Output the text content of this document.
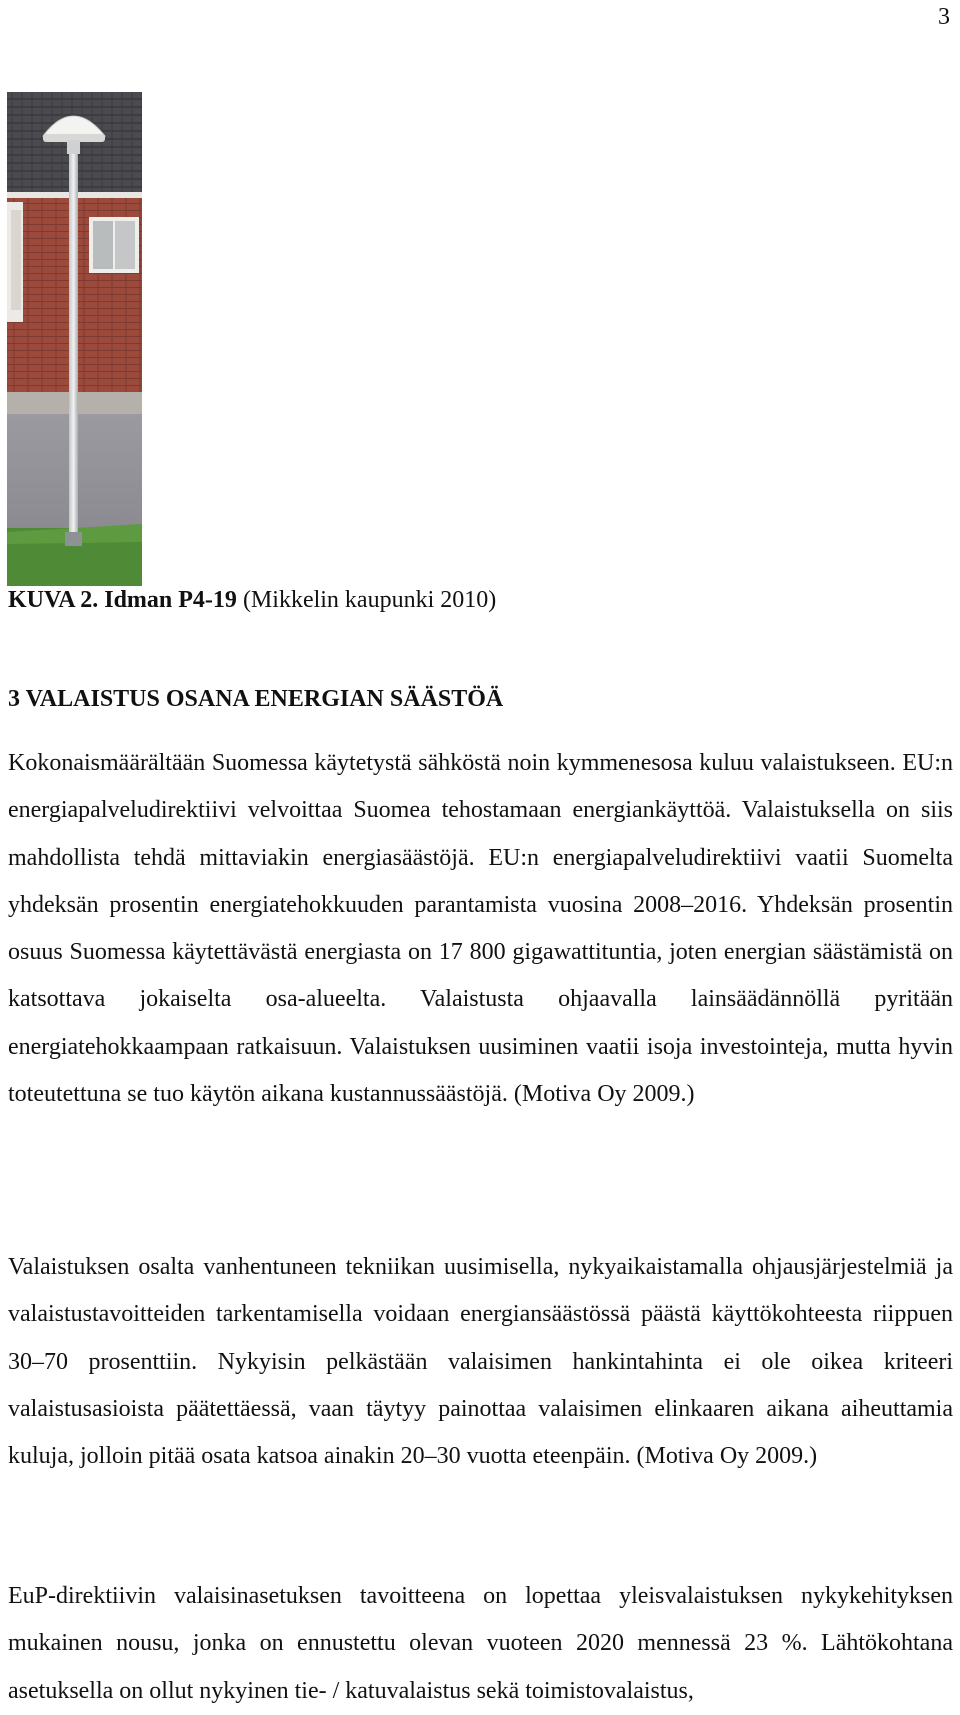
3
KUVA 2. Idman P4-19 (Mikkelin kaupunki 2010)
3 VALAISTUS OSANA ENERGIAN SÄÄSTÖÄ

Kokonaismäärältään Suomessa käytetystä sähköstä noin kymmenesosa kuluu valaistukseen. EU:n energiapalveludirektiivi velvoittaa Suomea tehostamaan energiankäyttöä. Valaistuksella on siis mahdollista tehdä mittaviakin energiasäästöjä. EU:n energiapalveludirektiivi vaatii Suomelta yhdeksän prosentin energiatehokkuuden parantamista vuosina 2008–2016. Yhdeksän prosentin osuus Suomessa käytettävästä energiasta on 17 800 gigawattituntia, joten energian säästämistä on katsottava jokaiselta osa-alueelta. Valaistusta ohjaavalla lainsäädännöllä pyritään energiatehokkaampaan ratkaisuun. Valaistuksen uusiminen vaatii isoja investointeja, mutta hyvin toteutettuna se tuo käytön aikana kustannussäästöjä. (Motiva Oy 2009.)

Valaistuksen osalta vanhentuneen tekniikan uusimisella, nykyaikaistamalla ohjausjärjestelmiä ja valaistustavoitteiden tarkentamisella voidaan energiansäästössä päästä käyttökohteesta riippuen 30–70 prosenttiin. Nykyisin pelkästään valaisimen hankintahinta ei ole oikea kriteeri valaistusasioista päätettäessä, vaan täytyy painottaa valaisimen elinkaaren aikana aiheuttamia kuluja, jolloin pitää osata katsoa ainakin 20–30 vuotta eteenpäin. (Motiva Oy 2009.)

EuP-direktiivin valaisinasetuksen tavoitteena on lopettaa yleisvalaistuksen nykykehityksen mukainen nousu, jonka on ennustettu olevan vuoteen 2020 mennessä 23 %. Lähtökohtana asetuksella on ollut nykyinen tie- / katuvalaistus sekä toimistovalaistus,
